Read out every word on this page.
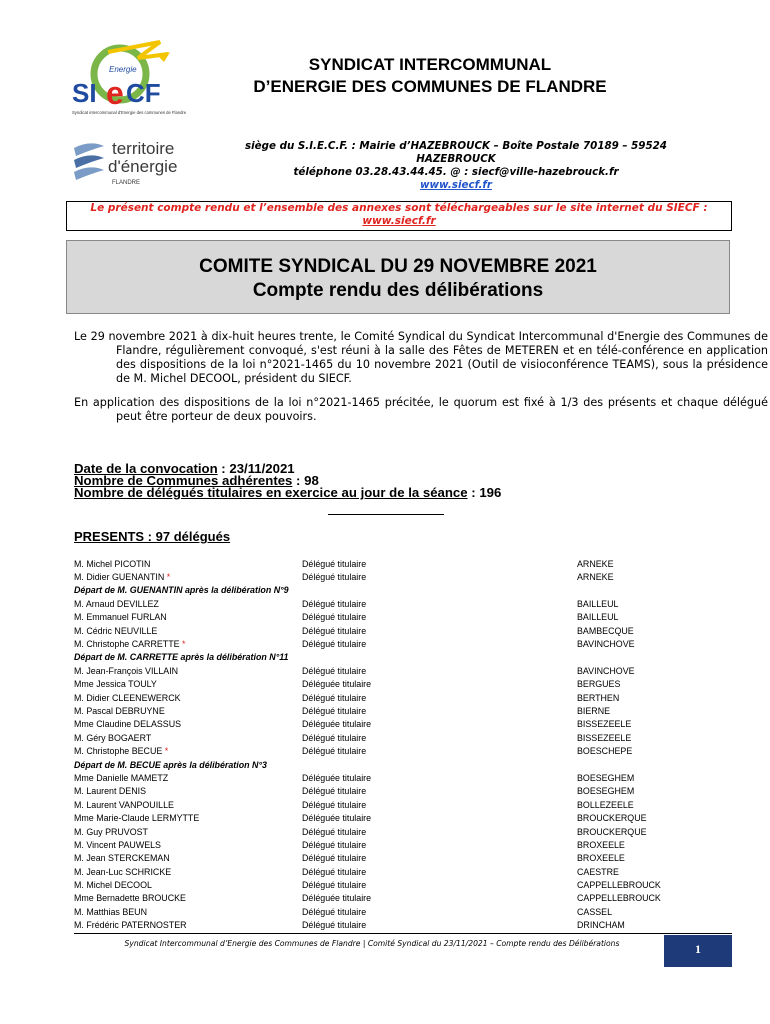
Energie
SI e CF
Syndicat intercommunal d'Energie des communes de Flandre
territoire
d'énergie
FLANDRE
SYNDICAT INTERCOMMUNAL
D’ENERGIE DES COMMUNES DE FLANDRE
siège du S.I.E.C.F. : Mairie d’HAZEBROUCK – Boîte Postale 70189 – 59524
HAZEBROUCK
téléphone 03.28.43.44.45. @ : siecf@ville-hazebrouck.fr
www.siecf.fr
Le présent compte rendu et l’ensemble des annexes sont téléchargeables sur le site internet du SIECF :
www.siecf.fr
COMITE SYNDICAL DU 29 NOVEMBRE 2021
Compte rendu des délibérations
Le 29 novembre 2021 à dix-huit heures trente, le Comité Syndical du Syndicat Intercommunal d'Energie des Communes de Flandre, régulièrement convoqué, s'est réuni à la salle des Fêtes de METEREN et en télé-conférence en application des dispositions de la loi n°2021-1465 du 10 novembre 2021 (Outil de visioconférence TEAMS), sous la présidence de M. Michel DECOOL, président du SIECF.
En application des dispositions de la loi n°2021-1465 précitée, le quorum est fixé à 1/3 des présents et chaque délégué peut être porteur de deux pouvoirs.
Date de la convocation : 23/11/2021
Nombre de Communes adhérentes : 98
Nombre de délégués titulaires en exercice au jour de la séance : 196
PRESENTS : 97 délégués
M. Michel PICOTIN	Délégué titulaire	ARNEKE
M. Didier GUENANTIN *	Délégué titulaire	ARNEKE
Départ de M. GUENANTIN après la délibération N°9		
M. Arnaud DEVILLEZ	Délégué titulaire	BAILLEUL
M. Emmanuel FURLAN	Délégué titulaire	BAILLEUL
M. Cédric NEUVILLE	Délégué titulaire	BAMBECQUE
M. Christophe CARRETTE *	Délégué titulaire	BAVINCHOVE
Départ de M. CARRETTE après la délibération N°11		
M. Jean-François VILLAIN	Délégué titulaire	BAVINCHOVE
Mme Jessica TOULY	Déléguée titulaire	BERGUES
M. Didier CLEENEWERCK	Délégué titulaire	BERTHEN
M. Pascal DEBRUYNE	Délégué titulaire	BIERNE
Mme Claudine DELASSUS	Déléguée titulaire	BISSEZEELE
M. Géry BOGAERT	Délégué titulaire	BISSEZEELE
M. Christophe BECUE *	Délégué titulaire	BOESCHEPE
Départ de M. BECUE après la délibération N°3		
Mme Danielle MAMETZ	Déléguée titulaire	BOESEGHEM
M. Laurent DENIS	Délégué titulaire	BOESEGHEM
M. Laurent VANPOUILLE	Délégué titulaire	BOLLEZEELE
Mme Marie-Claude LERMYTTE	Déléguée titulaire	BROUCKERQUE
M. Guy PRUVOST	Délégué titulaire	BROUCKERQUE
M. Vincent PAUWELS	Délégué titulaire	BROXEELE
M. Jean STERCKEMAN	Délégué titulaire	BROXEELE
M. Jean-Luc SCHRICKE	Délégué titulaire	CAESTRE
M. Michel DECOOL	Délégué titulaire	CAPPELLEBROUCK
Mme Bernadette BROUCKE	Déléguée titulaire	CAPPELLEBROUCK
M. Matthias BEUN	Délégué titulaire	CASSEL
M. Frédéric PATERNOSTER	Délégué titulaire	DRINCHAM
Syndicat Intercommunal d’Energie des Communes de Flandre | Comité Syndical du 23/11/2021 – Compte rendu des Délibérations	1
